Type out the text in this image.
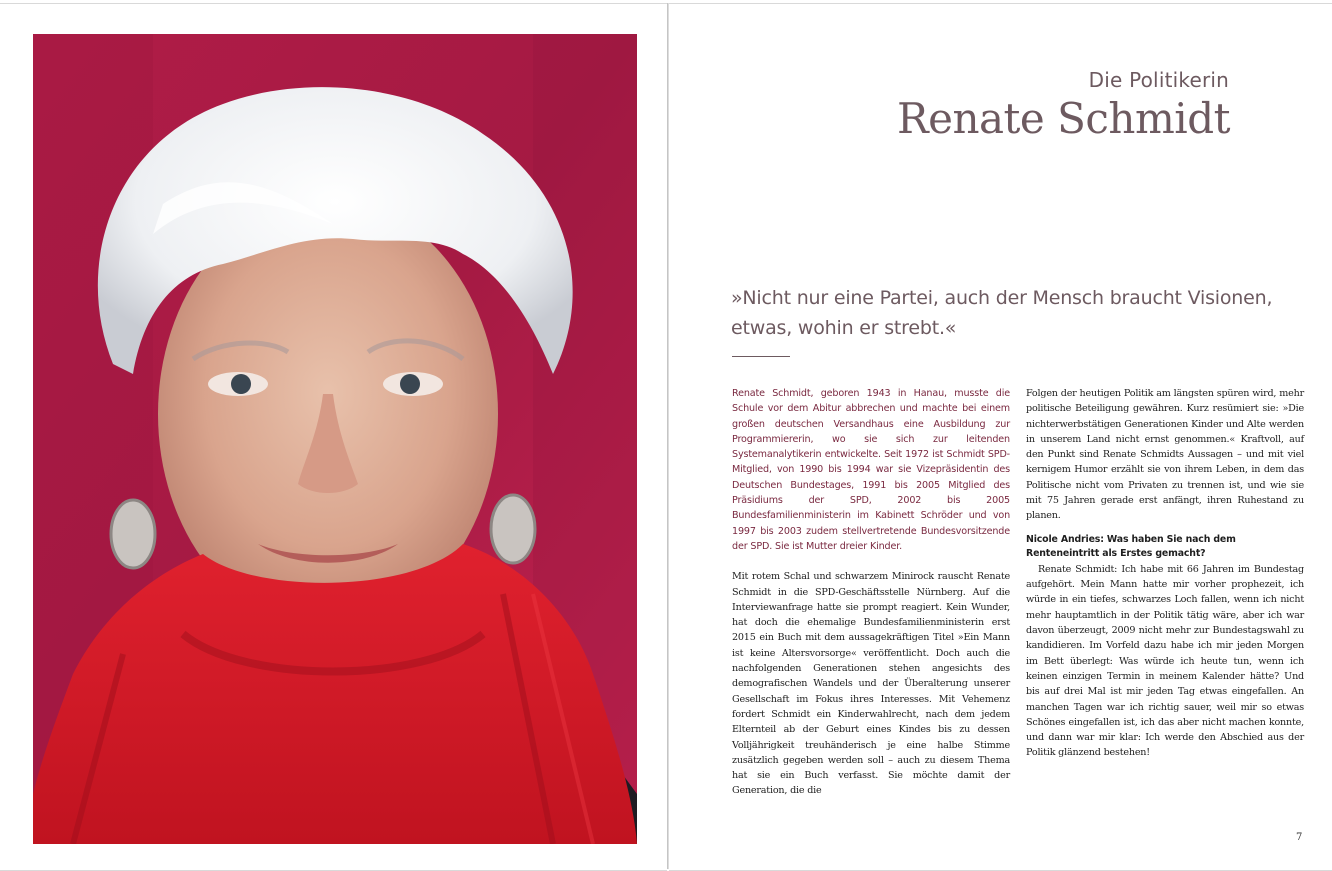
Die Politikerin
Renate Schmidt
»Nicht nur eine Partei, auch der Mensch braucht Visionen, etwas, wohin er strebt.«

Renate Schmidt, geboren 1943 in Hanau, musste die Schule vor dem Abitur abbrechen und machte bei einem großen deutschen Versandhaus eine Ausbildung zur Programmiererin, wo sie sich zur leitenden Systemanalytikerin entwickelte. Seit 1972 ist Schmidt SPD-Mitglied, von 1990 bis 1994 war sie Vizepräsidentin des Deutschen Bundestages, 1991 bis 2005 Mitglied des Präsidiums der SPD, 2002 bis 2005 Bundesfamilienministerin im Kabinett Schröder und von 1997 bis 2003 zudem stellvertretende Bundesvorsitzende der SPD. Sie ist Mutter dreier Kinder.

Mit rotem Schal und schwarzem Minirock rauscht Renate Schmidt in die SPD-Geschäftsstelle Nürnberg. Auf die Interviewanfrage hatte sie prompt reagiert. Kein Wunder, hat doch die ehemalige Bundesfamilienministerin erst 2015 ein Buch mit dem aussagekräftigen Titel »Ein Mann ist keine Altersvorsorge« veröffentlicht. Doch auch die nachfolgenden Generationen stehen angesichts des demografischen Wandels und der Überalterung unserer Gesellschaft im Fokus ihres Interesses. Mit Vehemenz fordert Schmidt ein Kinderwahlrecht, nach dem jedem Elternteil ab der Geburt eines Kindes bis zu dessen Volljährigkeit treuhänderisch je eine halbe Stimme zusätzlich gegeben werden soll – auch zu diesem Thema hat sie ein Buch verfasst. Sie möchte damit der Generation, die die

Folgen der heutigen Politik am längsten spüren wird, mehr politische Beteiligung gewähren. Kurz resümiert sie: »Die nichterwerbstätigen Generationen Kinder und Alte werden in unserem Land nicht ernst genommen.« Kraftvoll, auf den Punkt sind Renate Schmidts Aussagen – und mit viel kernigem Humor erzählt sie von ihrem Leben, in dem das Politische nicht vom Privaten zu trennen ist, und wie sie mit 75 Jahren gerade erst anfängt, ihren Ruhestand zu planen.

Nicole Andries: Was haben Sie nach dem Renteneintritt als Erstes gemacht?

Renate Schmidt: Ich habe mit 66 Jahren im Bundestag aufgehört. Mein Mann hatte mir vorher prophezeit, ich würde in ein tiefes, schwarzes Loch fallen, wenn ich nicht mehr hauptamtlich in der Politik tätig wäre, aber ich war davon überzeugt, 2009 nicht mehr zur Bundestagswahl zu kandidieren. Im Vorfeld dazu habe ich mir jeden Morgen im Bett überlegt: Was würde ich heute tun, wenn ich keinen einzigen Termin in meinem Kalender hätte? Und bis auf drei Mal ist mir jeden Tag etwas eingefallen. An manchen Tagen war ich richtig sauer, weil mir so etwas Schönes eingefallen ist, ich das aber nicht machen konnte, und dann war mir klar: Ich werde den Abschied aus der Politik glänzend bestehen!

7
